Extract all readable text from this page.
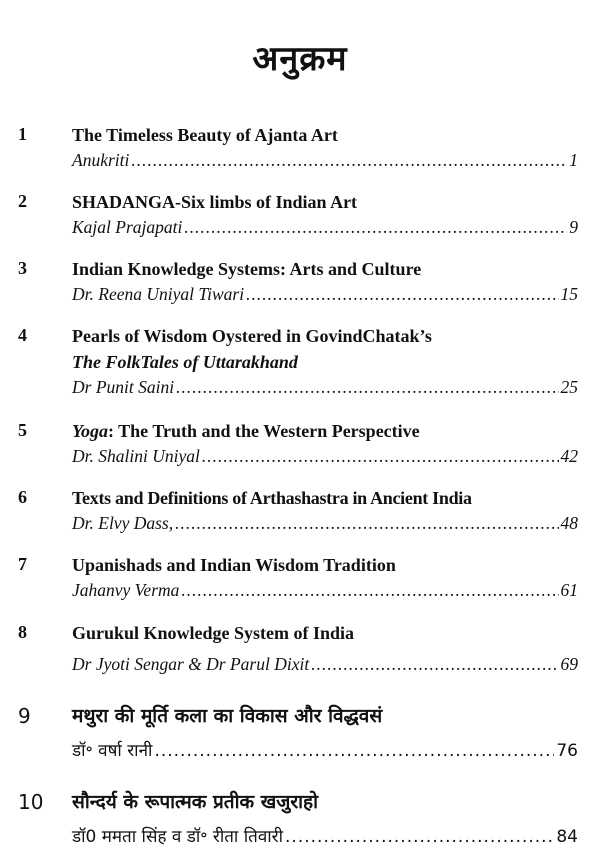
अनुक्रम
1	The Timeless Beauty of Ajanta Art
Anukriti .....	1
2	SHADANGA-Six limbs of Indian Art
Kajal Prajapati .....	9
3	Indian Knowledge Systems: Arts and Culture
Dr. Reena Uniyal Tiwari .....	15
4	Pearls of Wisdom Oystered in GovindChatak’s
The FolkTales of Uttarakhand
Dr Punit Saini .....	25
5	Yoga: The Truth and the Western Perspective
Dr. Shalini Uniyal .....	42
6	Texts and Definitions of Arthashastra in Ancient India
Dr. Elvy Dass, .....	48
7	Upanishads and Indian Wisdom Tradition
Jahanvy Verma .....	61
8	Gurukul Knowledge System of India
Dr Jyoti Sengar & Dr Parul Dixit .....	69
9 मथुरा की मूर्ति कला का विकास और विद्धवसं
डॉ॰ वर्षा रानी .....	76
10 सौन्दर्य के रूपात्मक प्रतीक खजुराहो
डॉ0 ममता सिंह व डॉ॰ रीता तिवारी .....	84
